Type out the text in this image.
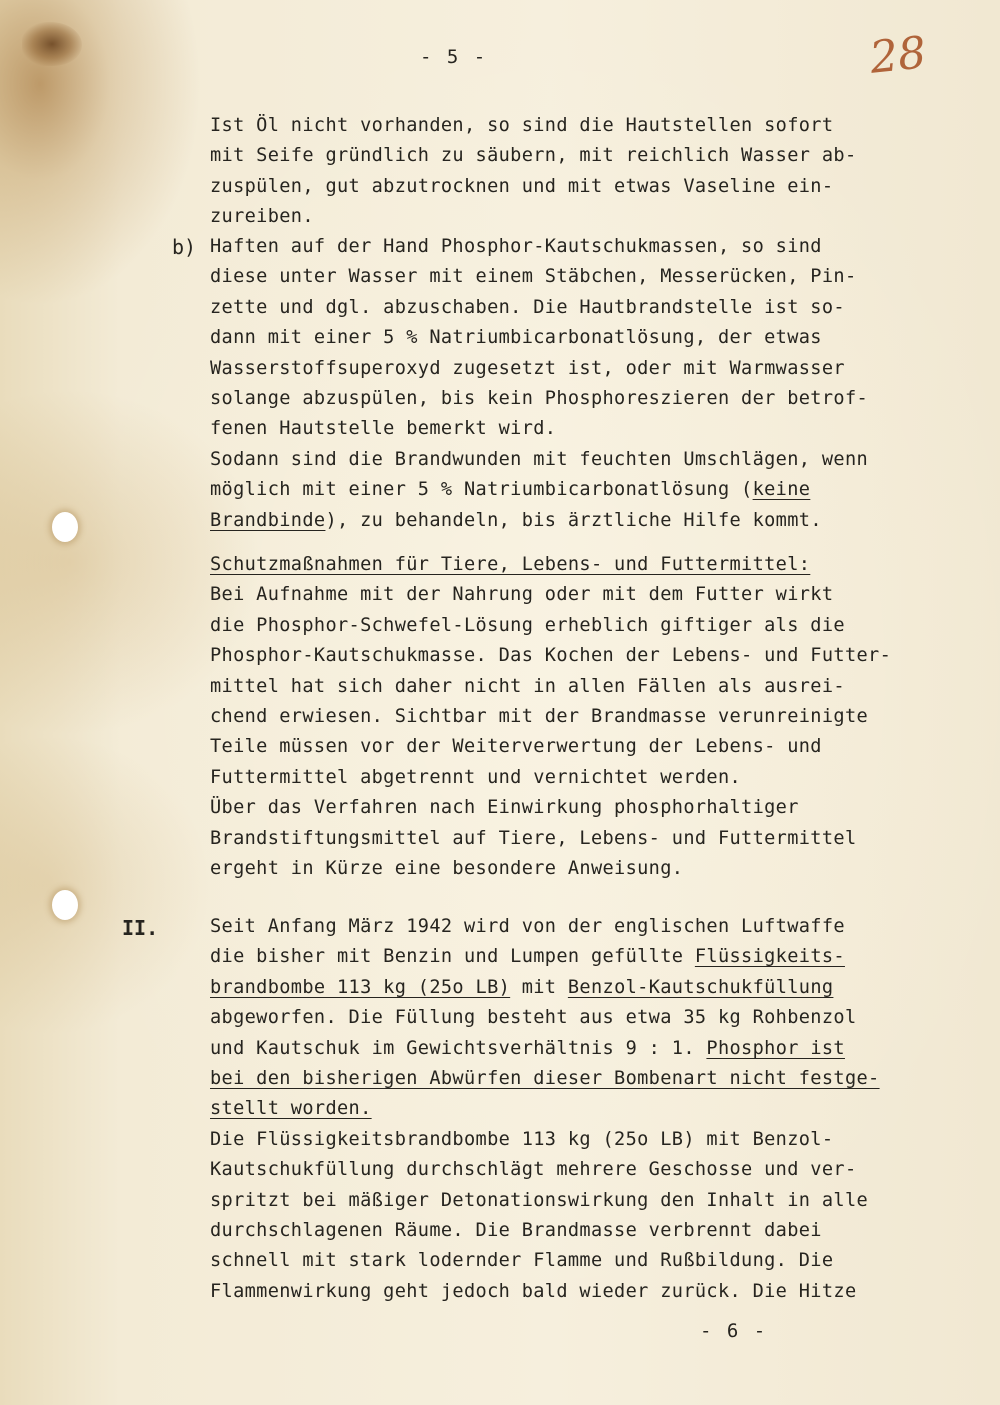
- 5 -	28
Ist Öl nicht vorhanden, so sind die Hautstellen sofort
mit Seife gründlich zu säubern, mit reichlich Wasser ab-
zuspülen, gut abzutrocknen und mit etwas Vaseline ein-
zureiben.
b) Haften auf der Hand Phosphor-Kautschukmassen, so sind
diese unter Wasser mit einem Stäbchen, Messerücken, Pin-
zette und dgl. abzuschaben. Die Hautbrandstelle ist so-
dann mit einer 5 % Natriumbicarbonatlösung, der etwas
Wasserstoffsuperoxyd zugesetzt ist, oder mit Warmwasser
solange abzuspülen, bis kein Phosphoreszieren der betrof-
fenen Hautstelle bemerkt wird.
Sodann sind die Brandwunden mit feuchten Umschlägen, wenn
möglich mit einer 5 % Natriumbicarbonatlösung (keine
Brandbinde), zu behandeln, bis ärztliche Hilfe kommt.
Schutzmaßnahmen für Tiere, Lebens- und Futtermittel:
Bei Aufnahme mit der Nahrung oder mit dem Futter wirkt
die Phosphor-Schwefel-Lösung erheblich giftiger als die
Phosphor-Kautschukmasse. Das Kochen der Lebens- und Futter-
mittel hat sich daher nicht in allen Fällen als ausrei-
chend erwiesen. Sichtbar mit der Brandmasse verunreinigte
Teile müssen vor der Weiterverwertung der Lebens- und
Futtermittel abgetrennt und vernichtet werden.
Über das Verfahren nach Einwirkung phosphorhaltiger
Brandstiftungsmittel auf Tiere, Lebens- und Futtermittel
ergeht in Kürze eine besondere Anweisung.
II.	Seit Anfang März 1942 wird von der englischen Luftwaffe
die bisher mit Benzin und Lumpen gefüllte Flüssigkeits-
brandbombe 113 kg (25o LB) mit Benzol-Kautschukfüllung
abgeworfen. Die Füllung besteht aus etwa 35 kg Rohbenzol
und Kautschuk im Gewichtsverhältnis 9 : 1. Phosphor ist
bei den bisherigen Abwürfen dieser Bombenart nicht festge-
stellt worden.
Die Flüssigkeitsbrandbombe 113 kg (25o LB) mit Benzol-
Kautschukfüllung durchschlägt mehrere Geschosse und ver-
spritzt bei mäßiger Detonationswirkung den Inhalt in alle
durchschlagenen Räume. Die Brandmasse verbrennt dabei
schnell mit stark lodernder Flamme und Rußbildung. Die
Flammenwirkung geht jedoch bald wieder zurück. Die Hitze
- 6 -
